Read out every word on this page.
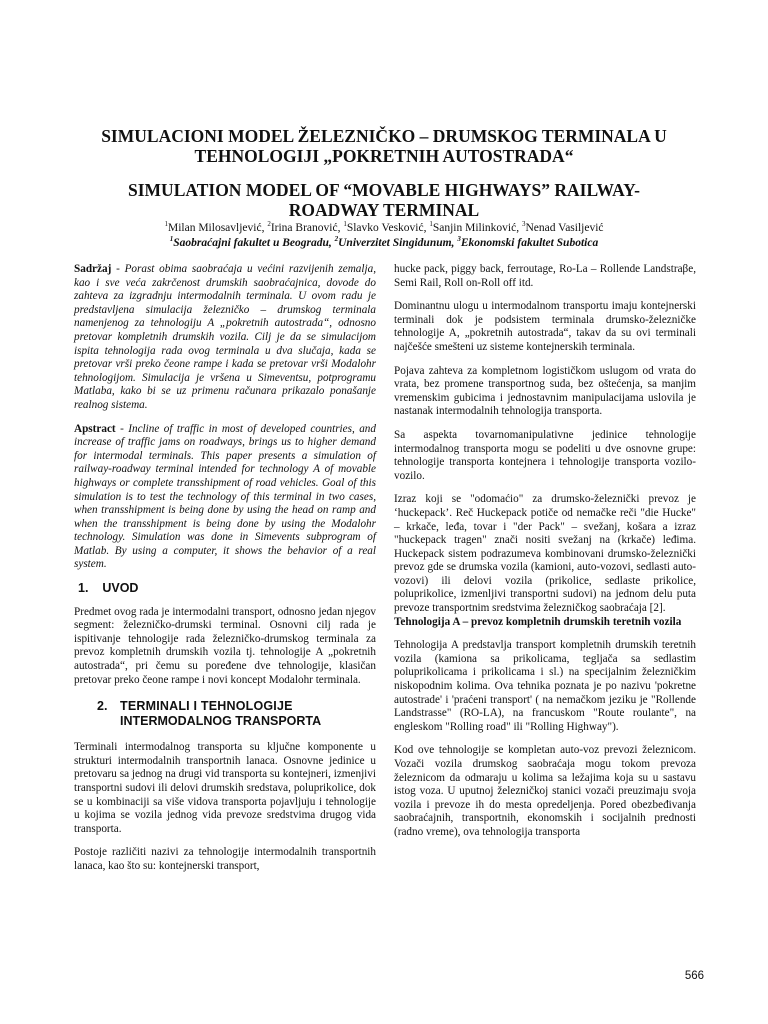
SIMULACIONI MODEL ŽELEZNIČKO – DRUMSKOG TERMINALA U
TEHNOLOGIJI „POKRETNIH AUTOSTRADA“
SIMULATION MODEL OF “MOVABLE HIGHWAYS” RAILWAY-
ROADWAY TERMINAL
$^1$Milan Milosavljević, $^2$Irina Branović, $^1$Slavko Vesković, $^1$Sanjin Milinković, $^3$Nenad Vasiljević
$^1$Saobraćajni fakultet u Beogradu, $^2$Univerzitet Singidunum, $^3$Ekonomski fakultet Subotica

Sadržaj - Porast obima saobraćaja u većini razvijenih zemalja, kao i sve veća zakrčenost drumskih saobraćajnica, dovode do zahteva za izgradnju intermodalnih terminala. U ovom radu je predstavljena simulacija železničko – drumskog terminala namenjenog za tehnologiju A „pokretnih autostrada“, odnosno pretovar kompletnih drumskih vozila. Cilj je da se simulacijom ispita tehnologija rada ovog terminala u dva slučaja, kada se pretovar vrši preko čeone rampe i kada se pretovar vrši Modalohr tehnologijom. Simulacija je vršena u Simeventsu, potprogramu Matlaba, kako bi se uz primenu računara prikazalo ponašanje realnog sistema.

Apstract - Incline of traffic in most of developed countries, and increase of traffic jams on roadways, brings us to higher demand for intermodal terminals. This paper presents a simulation of railway-roadway terminal intended for technology A of movable highways or complete transshipment of road vehicles. Goal of this simulation is to test the technology of this terminal in two cases, when transshipment is being done by using the head on ramp and when the transshipment is being done by using the Modalohr technology. Simulation was done in Simevents subprogram of Matlab. By using a computer, it shows the behavior of a real system.

1. UVOD

Predmet ovog rada je intermodalni transport, odnosno jedan njegov segment: železničko-drumski terminal. Osnovni cilj rada je ispitivanje tehnologije rada železničko-drumskog terminala za prevoz kompletnih drumskih vozila tj. tehnologije A „pokretnih autostrada“, pri čemu su poređene dve tehnologije, klasičan pretovar preko čeone rampe i novi koncept Modalohr terminala.

2.	TERMINALI I TEHNOLOGIJE
INTERMODALNOG TRANSPORTA

Terminali intermodalnog transporta su ključne komponente u strukturi intermodalnih transportnih lanaca. Osnovne jedinice u pretovaru sa jednog na drugi vid transporta su kontejneri, izmenjivi transportni sudovi ili delovi drumskih sredstava, poluprikolice, dok se u kombinaciji sa više vidova transporta pojavljuju i tehnologije u kojima se vozila jednog vida prevoze sredstvima drugog vida transporta.

Postoje različiti nazivi za tehnologije intermodalnih transportnih lanaca, kao što su: kontejnerski transport,

hucke pack, piggy back, ferroutage, Ro-La – Rollende Landstraβe, Semi Rail, Roll on-Roll off itd.

Dominantnu ulogu u intermodalnom transportu imaju kontejnerski terminali dok je podsistem terminala drumsko-železničke tehnologije A, „pokretnih autostrada“, takav da su ovi terminali najčešće smešteni uz sisteme kontejnerskih terminala.

Pojava zahteva za kompletnom logističkom uslugom od vrata do vrata, bez promene transportnog suda, bez oštećenja, sa manjim vremenskim gubicima i jednostavnim manipulacijama uslovila je nastanak intermodalnih tehnologija transporta.

Sa aspekta tovarnomanipulativne jedinice tehnologije intermodalnog transporta mogu se podeliti u dve osnovne grupe: tehnologije transporta kontejnera i tehnologije transporta vozilo-vozilo.

Izraz koji se "odomaćio" za drumsko-železnički prevoz je ‘huckepack’. Reč Huckepack potiče od nemačke reči "die Hucke" – krkače, leđa, tovar i "der Pack" – svežanj, košara a izraz "huckepack tragen" znači nositi svežanj na (krkače) leđima. Huckepack sistem podrazumeva kombinovani drumsko-železnički prevoz gde se drumska vozila (kamioni, auto-vozovi, sedlasti auto-vozovi) ili delovi vozila (prikolice, sedlaste prikolice, poluprikolice, izmenljivi transportni sudovi) na jednom delu puta prevoze transportnim sredstvima železničkog saobraćaja [2].

Tehnologija A – prevoz kompletnih drumskih teretnih vozila

Tehnologija A predstavlja transport kompletnih drumskih teretnih vozila (kamiona sa prikolicama, tegljača sa sedlastim poluprikolicama i prikolicama i sl.) na specijalnim železničkim niskopodnim kolima. Ova tehnika poznata je po nazivu 'pokretne autostrade' i 'praćeni transport' ( na nemačkom jeziku je "Rollende Landstrasse" (RO-LA), na francuskom "Route roulante", na engleskom "Rolling road" ili "Rolling Highway").

Kod ove tehnologije se kompletan auto-voz prevozi železnicom. Vozači vozila drumskog saobraćaja mogu tokom prevoza železnicom da odmaraju u kolima sa ležajima koja su u sastavu istog voza. U uputnoj železničkoj stanici vozači preuzimaju svoja vozila i prevoze ih do mesta opredeljenja. Pored obezbeđivanja saobraćajnih, transportnih, ekonomskih i socijalnih prednosti (radno vreme), ova tehnologija transporta

566
